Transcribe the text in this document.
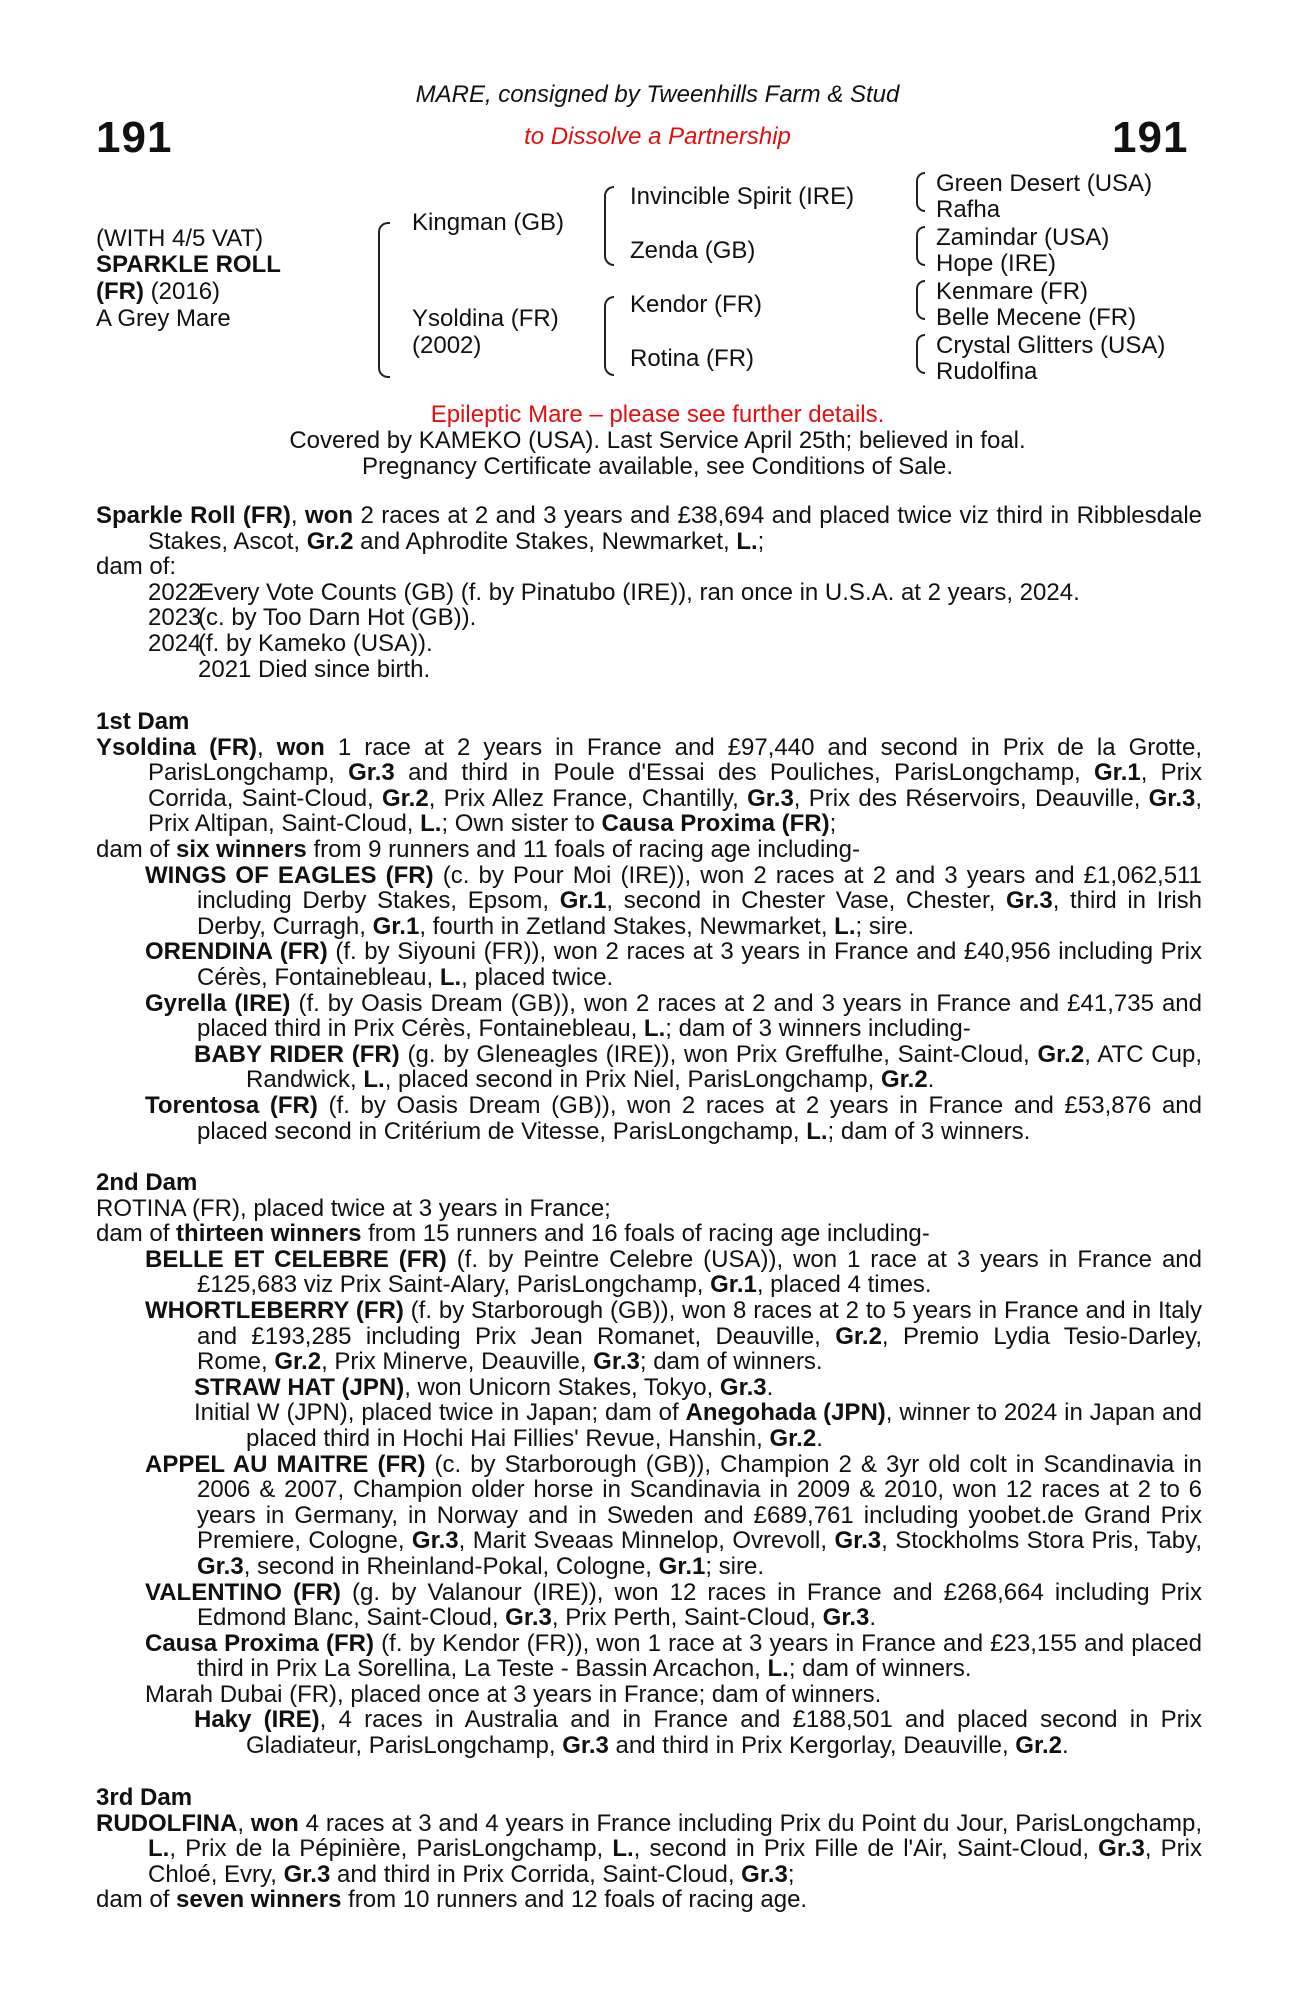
191	191
MARE, consigned by Tweenhills Farm & Stud
to Dissolve a Partnership
(WITH 4/5 VAT)
SPARKLE ROLL
(FR) (2016)
A Grey Mare
Kingman (GB)
Ysoldina (FR)
(2002)
Invincible Spirit (IRE)
Zenda (GB)
Kendor (FR)
Rotina (FR)
Green Desert (USA)
Rafha
Zamindar (USA)
Hope (IRE)
Kenmare (FR)
Belle Mecene (FR)
Crystal Glitters (USA)
Rudolfina
Epileptic Mare – please see further details.
Covered by KAMEKO (USA). Last Service April 25th; believed in foal.
Pregnancy Certificate available, see Conditions of Sale.
Sparkle Roll (FR), won 2 races at 2 and 3 years and £38,694 and placed twice viz third in Ribblesdale Stakes, Ascot, Gr.2 and Aphrodite Stakes, Newmarket, L.;
dam of:
2022
Every Vote Counts (GB) (f. by Pinatubo (IRE)), ran once in U.S.A. at 2 years, 2024.
2023
(c. by Too Darn Hot (GB)).
2024
(f. by Kameko (USA)).
2021 Died since birth.
1st Dam
Ysoldina (FR), won 1 race at 2 years in France and £97,440 and second in Prix de la Grotte, ParisLongchamp, Gr.3 and third in Poule d'Essai des Pouliches, ParisLongchamp, Gr.1, Prix Corrida, Saint-Cloud, Gr.2, Prix Allez France, Chantilly, Gr.3, Prix des Réservoirs, Deauville, Gr.3, Prix Altipan, Saint-Cloud, L.; Own sister to Causa Proxima (FR);
dam of six winners from 9 runners and 11 foals of racing age including-
WINGS OF EAGLES (FR) (c. by Pour Moi (IRE)), won 2 races at 2 and 3 years and £1,062,511 including Derby Stakes, Epsom, Gr.1, second in Chester Vase, Chester, Gr.3, third in Irish Derby, Curragh, Gr.1, fourth in Zetland Stakes, Newmarket, L.; sire.
ORENDINA (FR) (f. by Siyouni (FR)), won 2 races at 3 years in France and £40,956 including Prix Cérès, Fontainebleau, L., placed twice.
Gyrella (IRE) (f. by Oasis Dream (GB)), won 2 races at 2 and 3 years in France and £41,735 and placed third in Prix Cérès, Fontainebleau, L.; dam of 3 winners including-
BABY RIDER (FR) (g. by Gleneagles (IRE)), won Prix Greffulhe, Saint-Cloud, Gr.2, ATC Cup, Randwick, L., placed second in Prix Niel, ParisLongchamp, Gr.2.
Torentosa (FR) (f. by Oasis Dream (GB)), won 2 races at 2 years in France and £53,876 and placed second in Critérium de Vitesse, ParisLongchamp, L.; dam of 3 winners.
2nd Dam
ROTINA (FR), placed twice at 3 years in France;
dam of thirteen winners from 15 runners and 16 foals of racing age including-
BELLE ET CELEBRE (FR) (f. by Peintre Celebre (USA)), won 1 race at 3 years in France and £125,683 viz Prix Saint-Alary, ParisLongchamp, Gr.1, placed 4 times.
WHORTLEBERRY (FR) (f. by Starborough (GB)), won 8 races at 2 to 5 years in France and in Italy and £193,285 including Prix Jean Romanet, Deauville, Gr.2, Premio Lydia Tesio-Darley, Rome, Gr.2, Prix Minerve, Deauville, Gr.3; dam of winners.
STRAW HAT (JPN), won Unicorn Stakes, Tokyo, Gr.3.
Initial W (JPN), placed twice in Japan; dam of Anegohada (JPN), winner to 2024 in Japan and placed third in Hochi Hai Fillies' Revue, Hanshin, Gr.2.
APPEL AU MAITRE (FR) (c. by Starborough (GB)), Champion 2 & 3yr old colt in Scandinavia in 2006 & 2007, Champion older horse in Scandinavia in 2009 & 2010, won 12 races at 2 to 6 years in Germany, in Norway and in Sweden and £689,761 including yoobet.de Grand Prix Premiere, Cologne, Gr.3, Marit Sveaas Minnelop, Ovrevoll, Gr.3, Stockholms Stora Pris, Taby, Gr.3, second in Rheinland-Pokal, Cologne, Gr.1; sire.
VALENTINO (FR) (g. by Valanour (IRE)), won 12 races in France and £268,664 including Prix Edmond Blanc, Saint-Cloud, Gr.3, Prix Perth, Saint-Cloud, Gr.3.
Causa Proxima (FR) (f. by Kendor (FR)), won 1 race at 3 years in France and £23,155 and placed third in Prix La Sorellina, La Teste - Bassin Arcachon, L.; dam of winners.
Marah Dubai (FR), placed once at 3 years in France; dam of winners.
Haky (IRE), 4 races in Australia and in France and £188,501 and placed second in Prix Gladiateur, ParisLongchamp, Gr.3 and third in Prix Kergorlay, Deauville, Gr.2.
3rd Dam
RUDOLFINA, won 4 races at 3 and 4 years in France including Prix du Point du Jour, ParisLongchamp, L., Prix de la Pépinière, ParisLongchamp, L., second in Prix Fille de l'Air, Saint-Cloud, Gr.3, Prix Chloé, Evry, Gr.3 and third in Prix Corrida, Saint-Cloud, Gr.3;
dam of seven winners from 10 runners and 12 foals of racing age.
